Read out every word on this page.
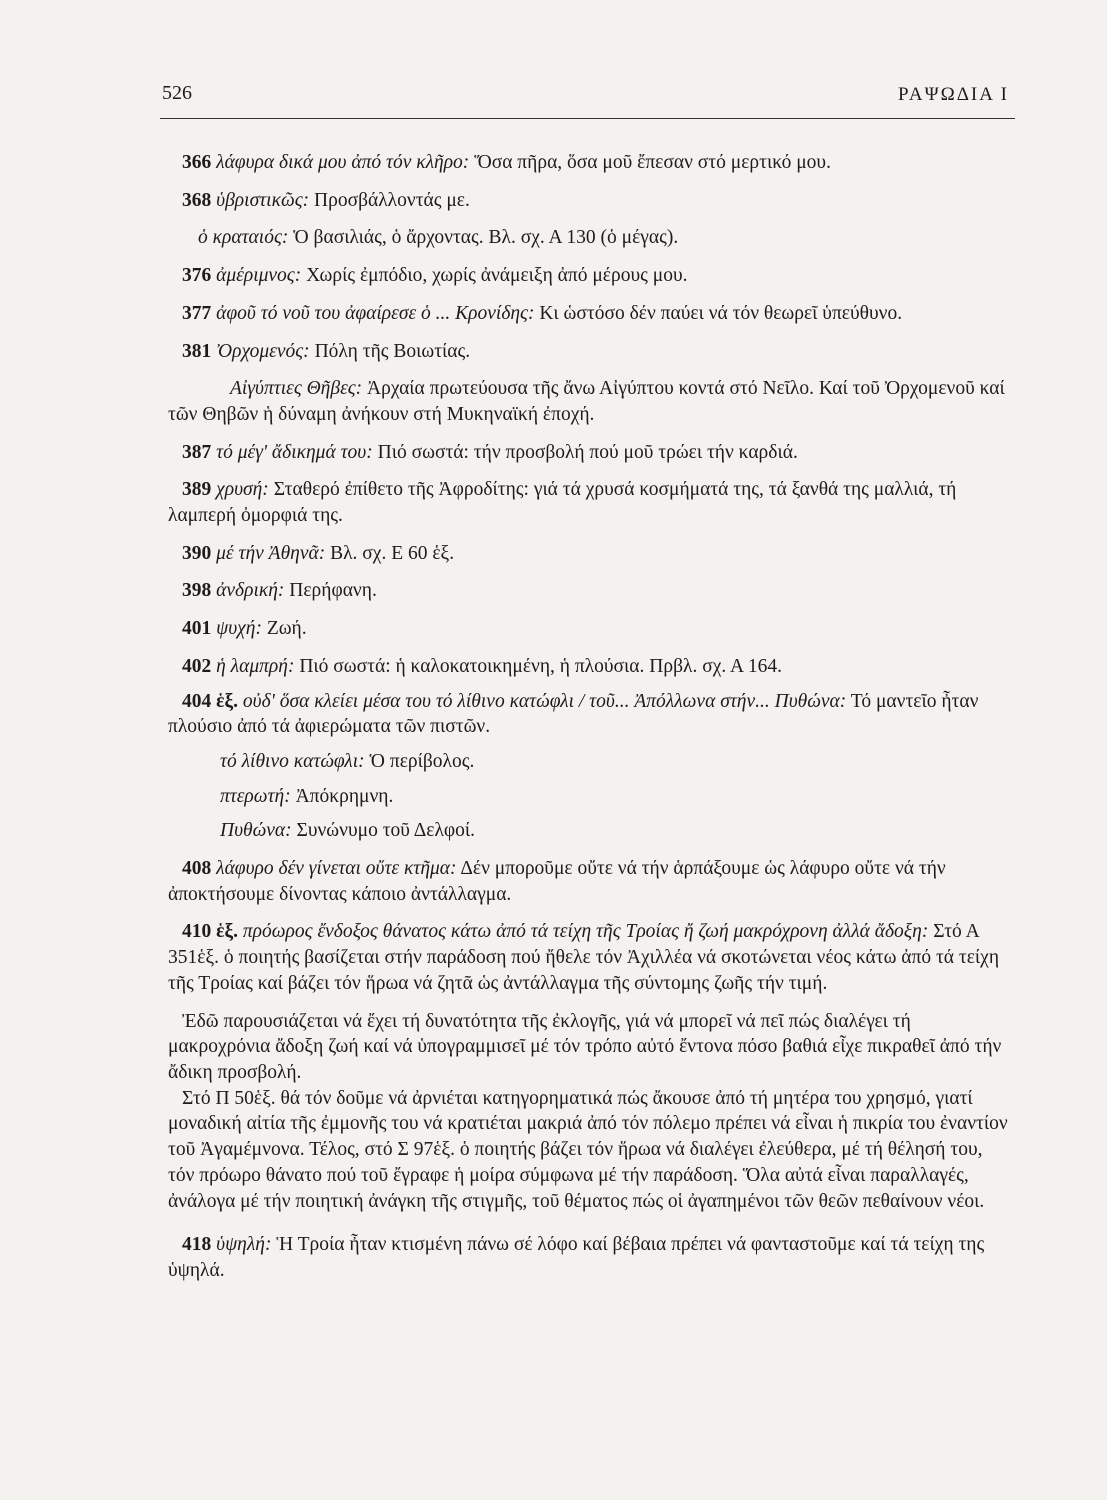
526	ΡΑΨΩΔΙΑ Ι

366 λάφυρα δικά μου ἀπό τόν κλῆρο: Ὅσα πῆρα, ὅσα μοῦ ἔπεσαν στό μερτικό μου.

368 ὑβριστικῶς: Προσβάλλοντάς με.

ὁ κραταιός: Ὁ βασιλιάς, ὁ ἄρχοντας. Βλ. σχ. Α 130 (ὁ μέγας).

376 ἀμέριμνος: Χωρίς ἐμπόδιο, χωρίς ἀνάμειξη ἀπό μέρους μου.

377 ἀφοῦ τό νοῦ του ἀφαίρεσε ὁ ... Κρονίδης: Κι ὡστόσο δέν παύει νά τόν θεωρεῖ ὑπεύθυνο.

381 Ὀρχομενός: Πόλη τῆς Βοιωτίας.

Αἰγύπτιες Θῆβες: Ἀρχαία πρωτεύουσα τῆς ἄνω Αἰγύπτου κοντά στό Νεῖλο. Καί τοῦ Ὀρχομενοῦ καί τῶν Θηβῶν ἡ δύναμη ἀνήκουν στή Μυκηναϊκή ἐποχή.

387 τό μέγ' ἄδικημά του: Πιό σωστά: τήν προσβολή πού μοῦ τρώει τήν καρδιά.

389 χρυσή: Σταθερό ἐπίθετο τῆς Ἀφροδίτης: γιά τά χρυσά κοσμήματά της, τά ξανθά της μαλλιά, τή λαμπερή ὀμορφιά της.

390 μέ τήν Ἀθηνᾶ: Βλ. σχ. Ε 60 ἑξ.

398 ἀνδρική: Περήφανη.

401 ψυχή: Ζωή.

402 ἡ λαμπρή: Πιό σωστά: ἡ καλοκατοικημένη, ἡ πλούσια. Πρβλ. σχ. Α 164.

404 ἑξ. οὐδ' ὅσα κλείει μέσα του τό λίθινο κατώφλι / τοῦ... Ἀπόλλωνα στήν... Πυθώνα: Τό μαντεῖο ἦταν πλούσιο ἀπό τά ἀφιερώματα τῶν πιστῶν.

τό λίθινο κατώφλι: Ὁ περίβολος.

πτερωτή: Ἀπόκρημνη.

Πυθώνα: Συνώνυμο τοῦ Δελφοί.

408 λάφυρο δέν γίνεται οὔτε κτῆμα: Δέν μποροῦμε οὔτε νά τήν ἁρπάξουμε ὡς λάφυρο οὔτε νά τήν ἀποκτήσουμε δίνοντας κάποιο ἀντάλλαγμα.

410 ἑξ. πρόωρος ἔνδοξος θάνατος κάτω ἀπό τά τείχη τῆς Τροίας ἤ ζωή μακρόχρονη ἀλλά ἄδοξη: Στό Α 351ἑξ. ὁ ποιητής βασίζεται στήν παράδοση πού ἤθελε τόν Ἀχιλλέα νά σκοτώνεται νέος κάτω ἀπό τά τείχη τῆς Τροίας καί βάζει τόν ἥρωα νά ζητᾶ ὡς ἀντάλλαγμα τῆς σύντομης ζωῆς τήν τιμή.

Ἐδῶ παρουσιάζεται νά ἔχει τή δυνατότητα τῆς ἐκλογῆς, γιά νά μπορεῖ νά πεῖ πώς διαλέγει τή μακροχρόνια ἄδοξη ζωή καί νά ὑπογραμμισεῖ μέ τόν τρόπο αὐτό ἔντονα πόσο βαθιά εἶχε πικραθεῖ ἀπό τήν ἄδικη προσβολή.

Στό Π 50ἑξ. θά τόν δοῦμε νά ἀρνιέται κατηγορηματικά πώς ἄκουσε ἀπό τή μητέρα του χρησμό, γιατί μοναδική αἰτία τῆς ἐμμονῆς του νά κρατιέται μακριά ἀπό τόν πόλεμο πρέπει νά εἶναι ἡ πικρία του ἐναντίον τοῦ Ἀγαμέμνονα. Τέλος, στό Σ 97ἑξ. ὁ ποιητής βάζει τόν ἥρωα νά διαλέγει ἐλεύθερα, μέ τή θέλησή του, τόν πρόωρο θάνατο πού τοῦ ἔγραφε ἡ μοίρα σύμφωνα μέ τήν παράδοση. Ὅλα αὐτά εἶναι παραλλαγές, ἀνάλογα μέ τήν ποιητική ἀνάγκη τῆς στιγμῆς, τοῦ θέματος πώς οἱ ἀγαπημένοι τῶν θεῶν πεθαίνουν νέοι.

418 ὑψηλή: Ἡ Τροία ἦταν κτισμένη πάνω σέ λόφο καί βέβαια πρέπει νά φανταστοῦμε καί τά τείχη της ὑψηλά.
